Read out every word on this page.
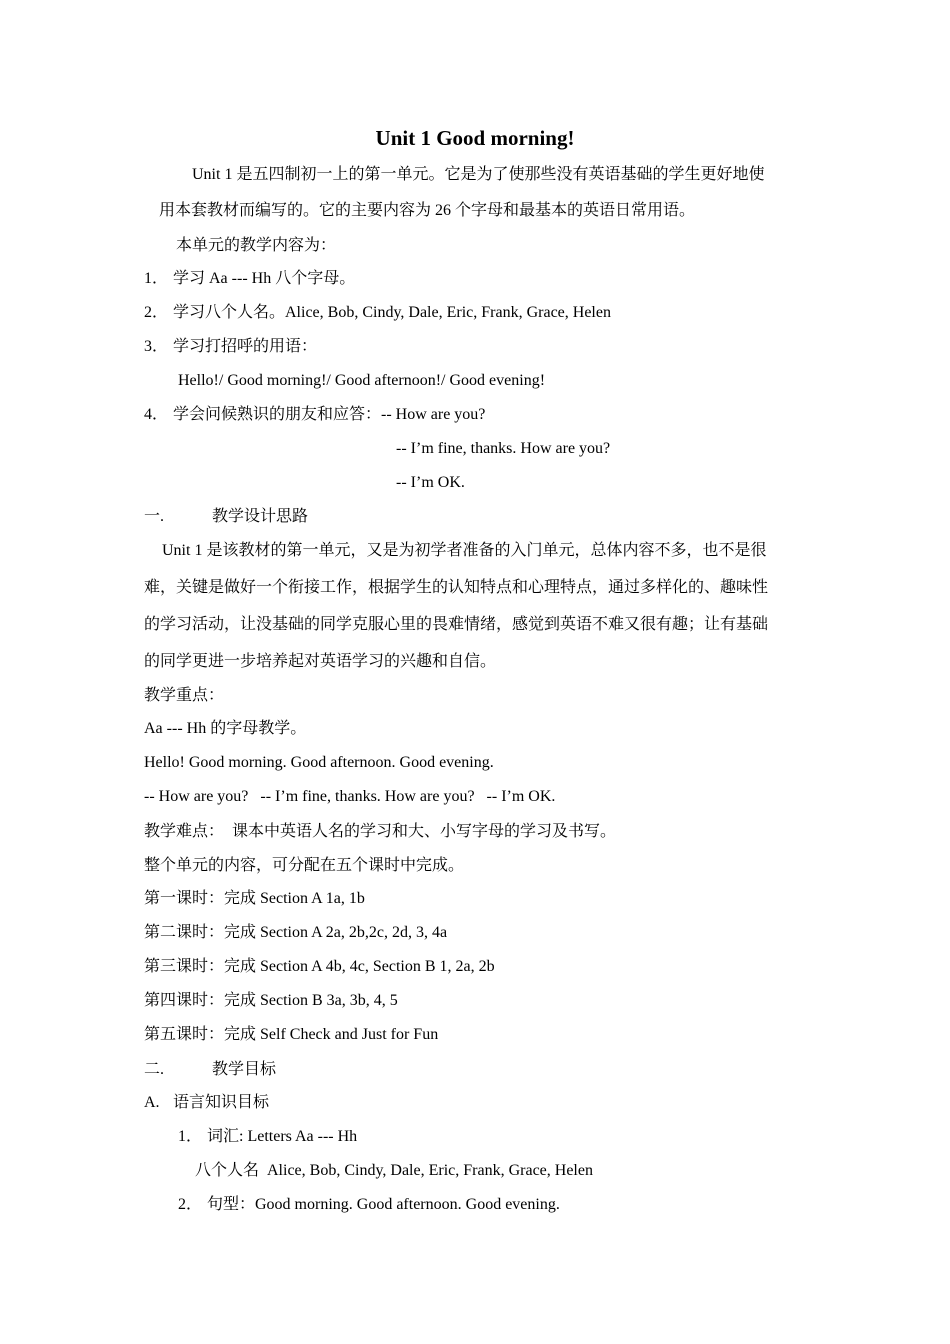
Unit 1 Good morning!
Unit 1 是五四制初一上的第一单元。它是为了使那些没有英语基础的学生更好地使
用本套教材而编写的。它的主要内容为 26 个字母和最基本的英语日常用语。
本单元的教学内容为：
1． 学习 Aa --- Hh 八个字母。
2． 学习八个人名。Alice, Bob, Cindy, Dale, Eric, Frank, Grace, Helen
3． 学习打招呼的用语：
Hello!/ Good morning!/ Good afternoon!/ Good evening!
4． 学会问候熟识的朋友和应答：-- How are you?
-- I’m fine, thanks. How are you?
-- I’m OK.
一.	教学设计思路
Unit 1 是该教材的第一单元，又是为初学者准备的入门单元，总体内容不多，也不是很
难，关键是做好一个衔接工作，根据学生的认知特点和心理特点，通过多样化的、趣味性
的学习活动，让没基础的同学克服心里的畏难情绪，感觉到英语不难又很有趣；让有基础
的同学更进一步培养起对英语学习的兴趣和自信。
教学重点：
Aa --- Hh 的字母教学。
Hello! Good morning. Good afternoon. Good evening.
-- How are you?   -- I’m fine, thanks. How are you?   -- I’m OK.
教学难点：  课本中英语人名的学习和大、小写字母的学习及书写。
整个单元的内容，可分配在五个课时中完成。
第一课时：完成 Section A 1a, 1b
第二课时：完成 Section A 2a, 2b,2c, 2d, 3, 4a
第三课时：完成 Section A 4b, 4c, Section B 1, 2a, 2b
第四课时：完成 Section B 3a, 3b, 4, 5
第五课时：完成 Self Check and Just for Fun
二.	教学目标
A. 语言知识目标
1． 词汇: Letters Aa --- Hh
八个人名  Alice, Bob, Cindy, Dale, Eric, Frank, Grace, Helen
2． 句型：Good morning. Good afternoon. Good evening.
